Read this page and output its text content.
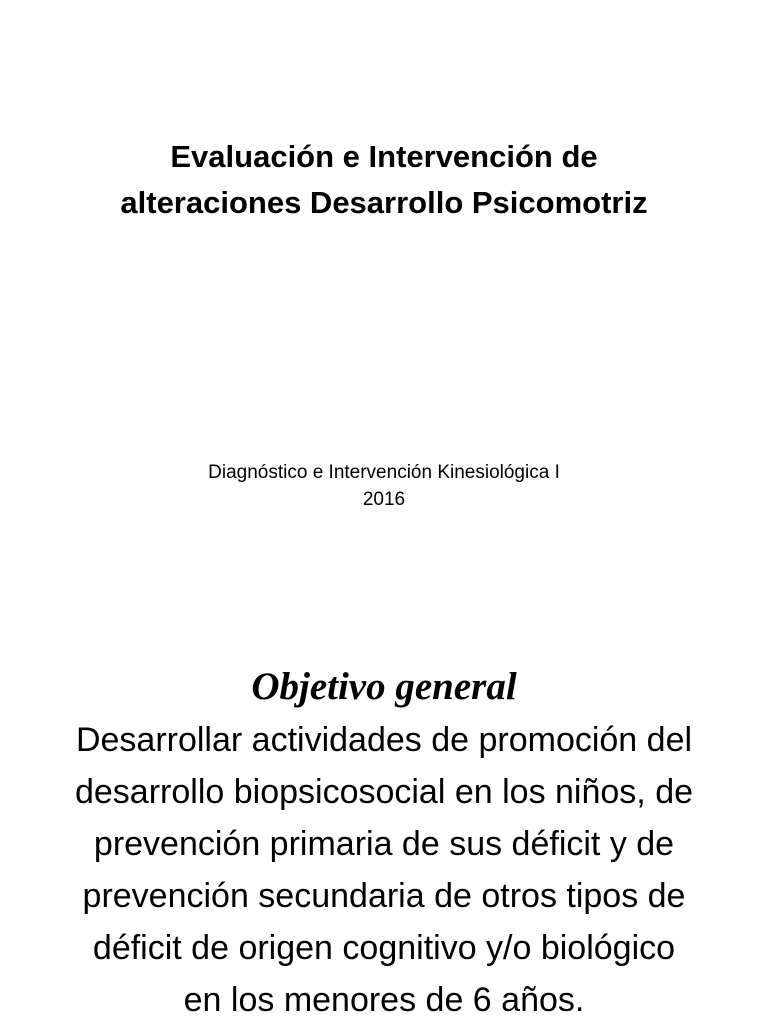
Evaluación e Intervención de
alteraciones Desarrollo Psicomotriz
Diagnóstico e Intervención Kinesiológica I
2016
Objetivo general
Desarrollar actividades de promoción del
desarrollo biopsicosocial en los niños, de
prevención primaria de sus déficit y de
prevención secundaria de otros tipos de
déficit de origen cognitivo y/o biológico
en los menores de 6 años.
